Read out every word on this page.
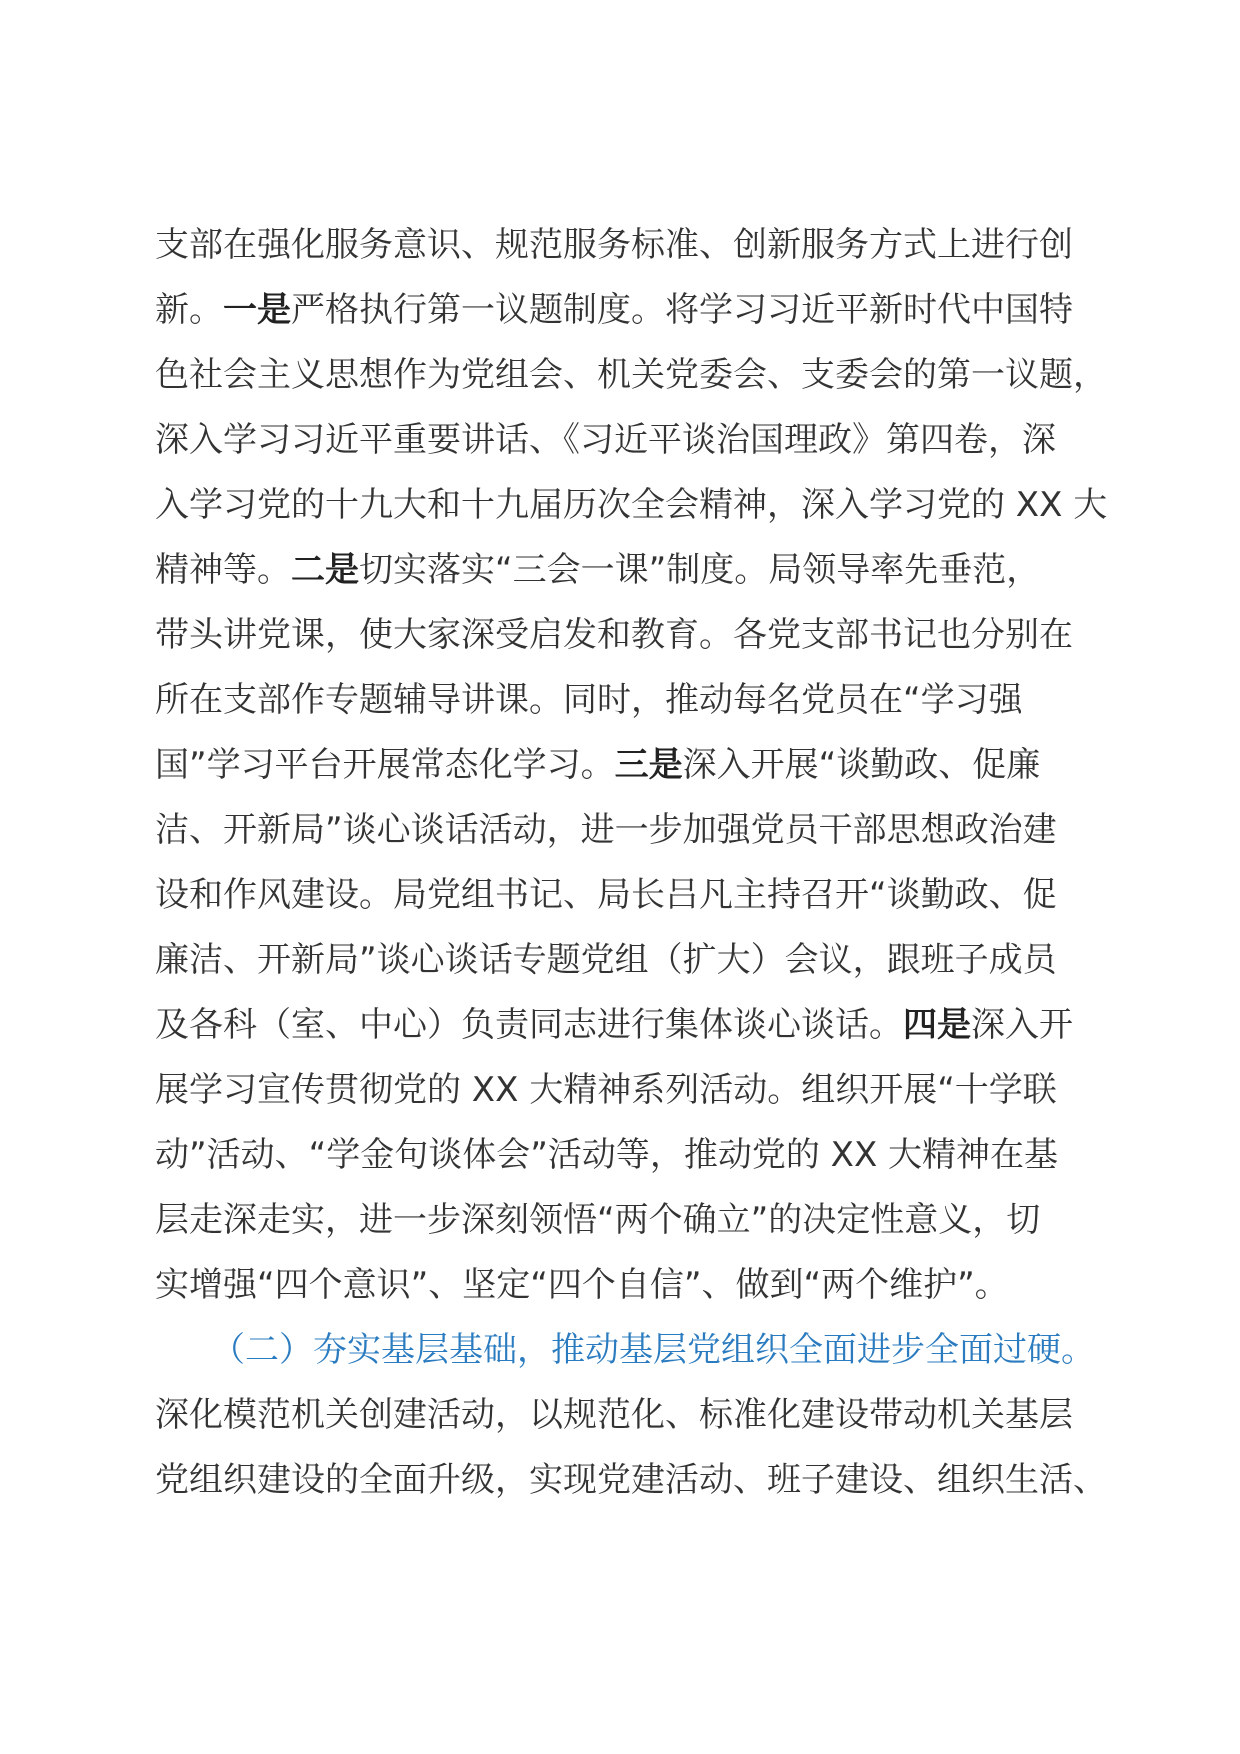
支部在强化服务意识、规范服务标准、创新服务方式上进行创
新。一是严格执行第一议题制度。将学习习近平新时代中国特
色社会主义思想作为党组会、机关党委会、支委会的第一议题，
深入学习习近平重要讲话、《习近平谈治国理政》第四卷，深
入学习党的十九大和十九届历次全会精神，深入学习党的 XX 大
精神等。二是切实落实“三会一课”制度。局领导率先垂范，
带头讲党课，使大家深受启发和教育。各党支部书记也分别在
所在支部作专题辅导讲课。同时，推动每名党员在“学习强
国”学习平台开展常态化学习。三是深入开展“谈勤政、促廉
洁、开新局”谈心谈话活动，进一步加强党员干部思想政治建
设和作风建设。局党组书记、局长吕凡主持召开“谈勤政、促
廉洁、开新局”谈心谈话专题党组（扩大）会议，跟班子成员
及各科（室、中心）负责同志进行集体谈心谈话。四是深入开
展学习宣传贯彻党的 XX 大精神系列活动。组织开展“十学联
动”活动、“学金句谈体会”活动等，推动党的 XX 大精神在基
层走深走实，进一步深刻领悟“两个确立”的决定性意义，切
实增强“四个意识”、坚定“四个自信”、做到“两个维护”。
（二）夯实基层基础，推动基层党组织全面进步全面过硬。
深化模范机关创建活动，以规范化、标准化建设带动机关基层
党组织建设的全面升级，实现党建活动、班子建设、组织生活、
